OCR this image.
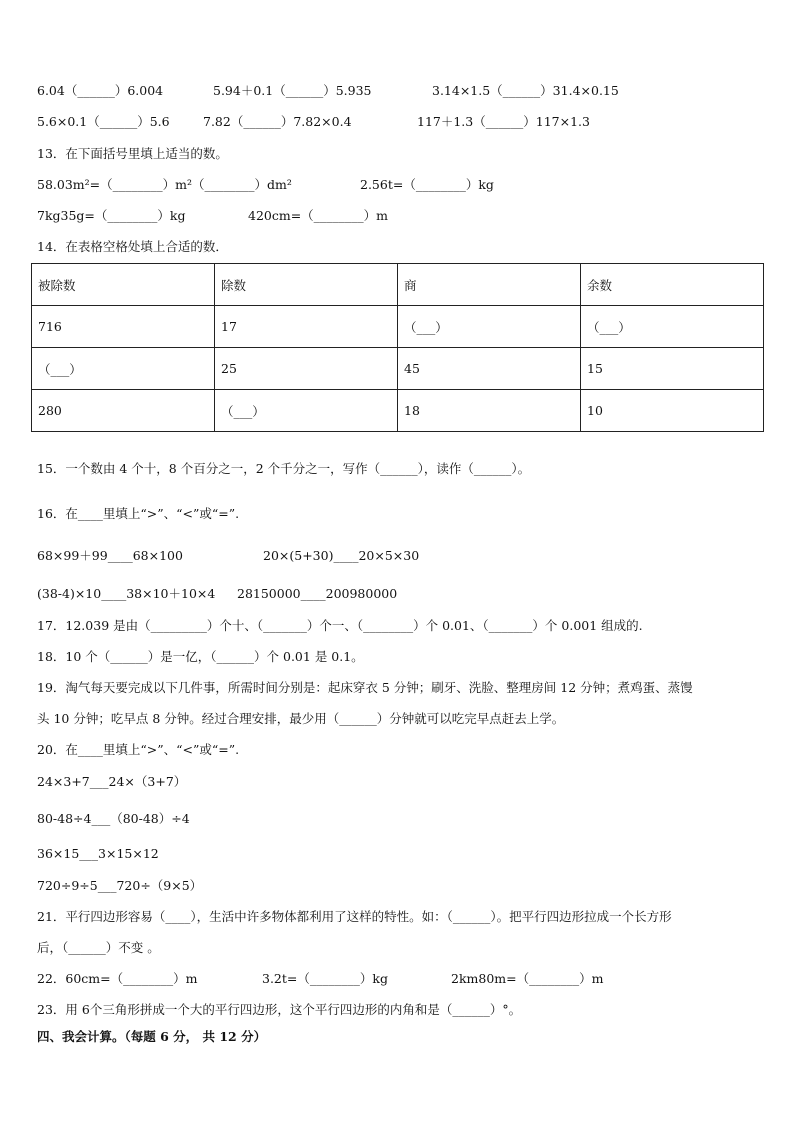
6.04（______）6.004	5.94＋0.1（______）5.935	3.14×1.5（______）31.4×0.15
5.6×0.1（______）5.6	7.82（______）7.82×0.4	117＋1.3（______）117×1.3
13．在下面括号里填上适当的数。
58.03m²=（________）m²（________）dm²	2.56t=（________）kg
7kg35g=（________）kg	420cm=（________）m
14．在表格空格处填上合适的数．
被除数	除数	商	余数
716	17	（___）	（___）
（___）	25	45	15
280	（___）	18	10
15．一个数由 4 个十，8 个百分之一，2 个千分之一，写作（______），读作（______）。
16．在____里填上“>”、“<”或“=”.
68×99＋99____68×100	20×(5+30)____20×5×30
(38-4)×10____38×10＋10×4 28150000____200980000
17．12.039 是由（_________）个十、（_______）个一、（________）个 0.01、（_______）个 0.001 组成的.
18．10 个（______）是一亿，（______）个 0.01 是 0.1。
19．淘气每天要完成以下几件事，所需时间分别是：起床穿衣 5 分钟；刷牙、洗脸、整理房间 12 分钟；煮鸡蛋、蒸馒
头 10 分钟；吃早点 8 分钟。经过合理安排，最少用（______）分钟就可以吃完早点赶去上学。
20．在____里填上“>”、“<”或“=”.
24×3+7___24×（3+7）
80-48÷4___（80-48）÷4
36×15___3×15×12
720÷9÷5___720÷（9×5）
21．平行四边形容易（____），生活中许多物体都利用了这样的特性。如：（______）。把平行四边形拉成一个长方形
后，（______）不变 。
22．60cm=（________）m	3.2t=（________）kg	2km80m=（________）m
23．用 6个三角形拼成一个大的平行四边形，这个平行四边形的内角和是（______）°。
四、我会计算。（每题 6 分， 共 12 分）
